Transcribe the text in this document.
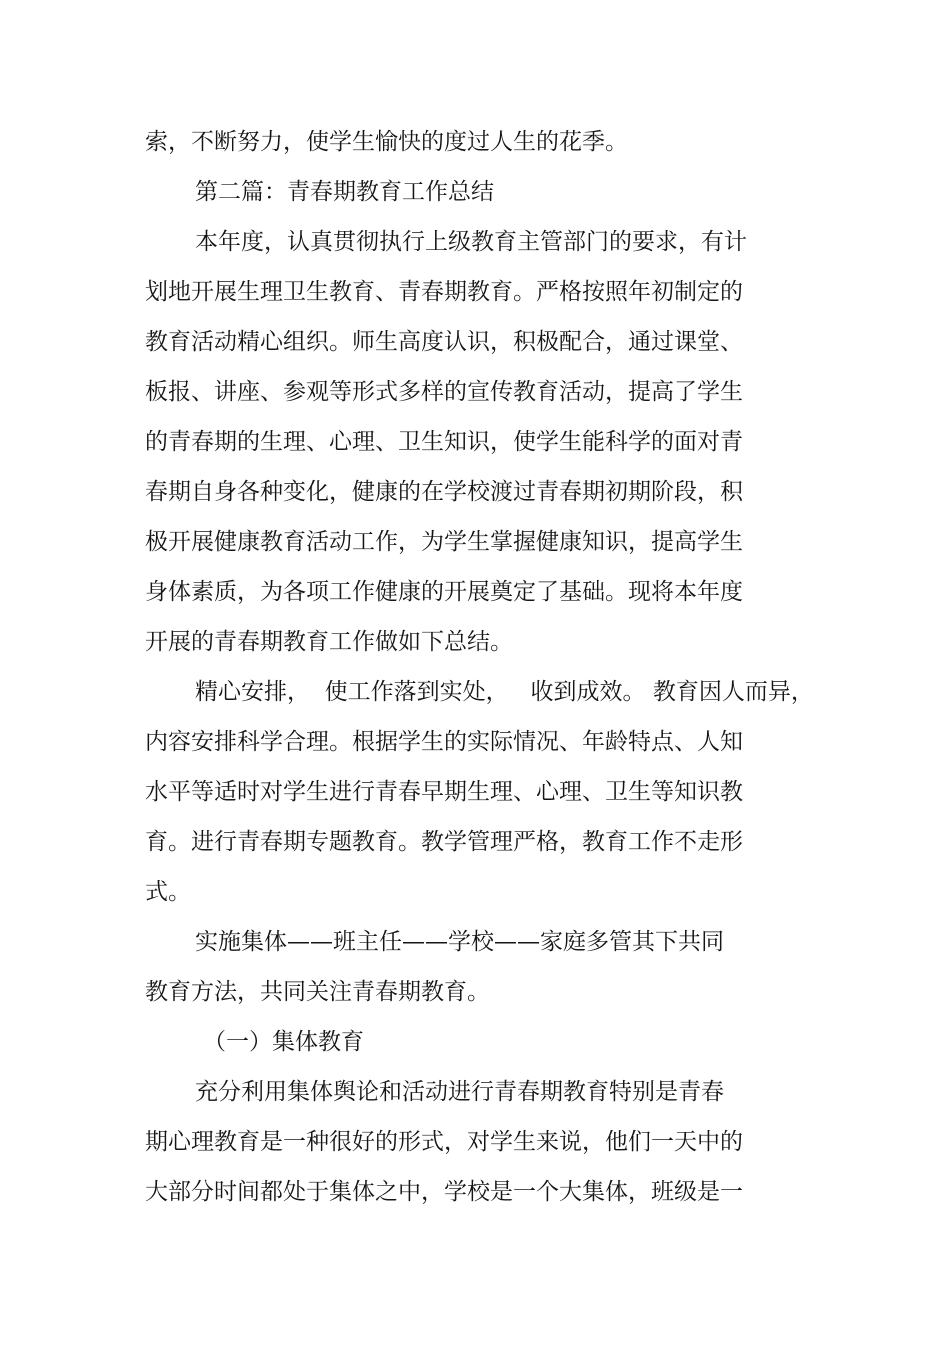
索，不断努力，使学生愉快的度过人生的花季。
第二篇：青春期教育工作总结
本年度，认真贯彻执行上级教育主管部门的要求，有计
划地开展生理卫生教育、青春期教育。严格按照年初制定的
教育活动精心组织。师生高度认识，积极配合，通过课堂、
板报、讲座、参观等形式多样的宣传教育活动，提高了学生
的青春期的生理、心理、卫生知识，使学生能科学的面对青
春期自身各种变化，健康的在学校渡过青春期初期阶段，积
极开展健康教育活动工作，为学生掌握健康知识，提高学生
身体素质，为各项工作健康的开展奠定了基础。现将本年度
开展的青春期教育工作做如下总结。
精心安排，  使工作落到实处，   收到成效。 教育因人而异，
内容安排科学合理。根据学生的实际情况、年龄特点、人知
水平等适时对学生进行青春早期生理、心理、卫生等知识教
育。进行青春期专题教育。教学管理严格，教育工作不走形
式。
实施集体——班主任——学校——家庭多管其下共同
教育方法，共同关注青春期教育。
（一）集体教育
充分利用集体舆论和活动进行青春期教育特别是青春
期心理教育是一种很好的形式，对学生来说，他们一天中的
大部分时间都处于集体之中，学校是一个大集体，班级是一
